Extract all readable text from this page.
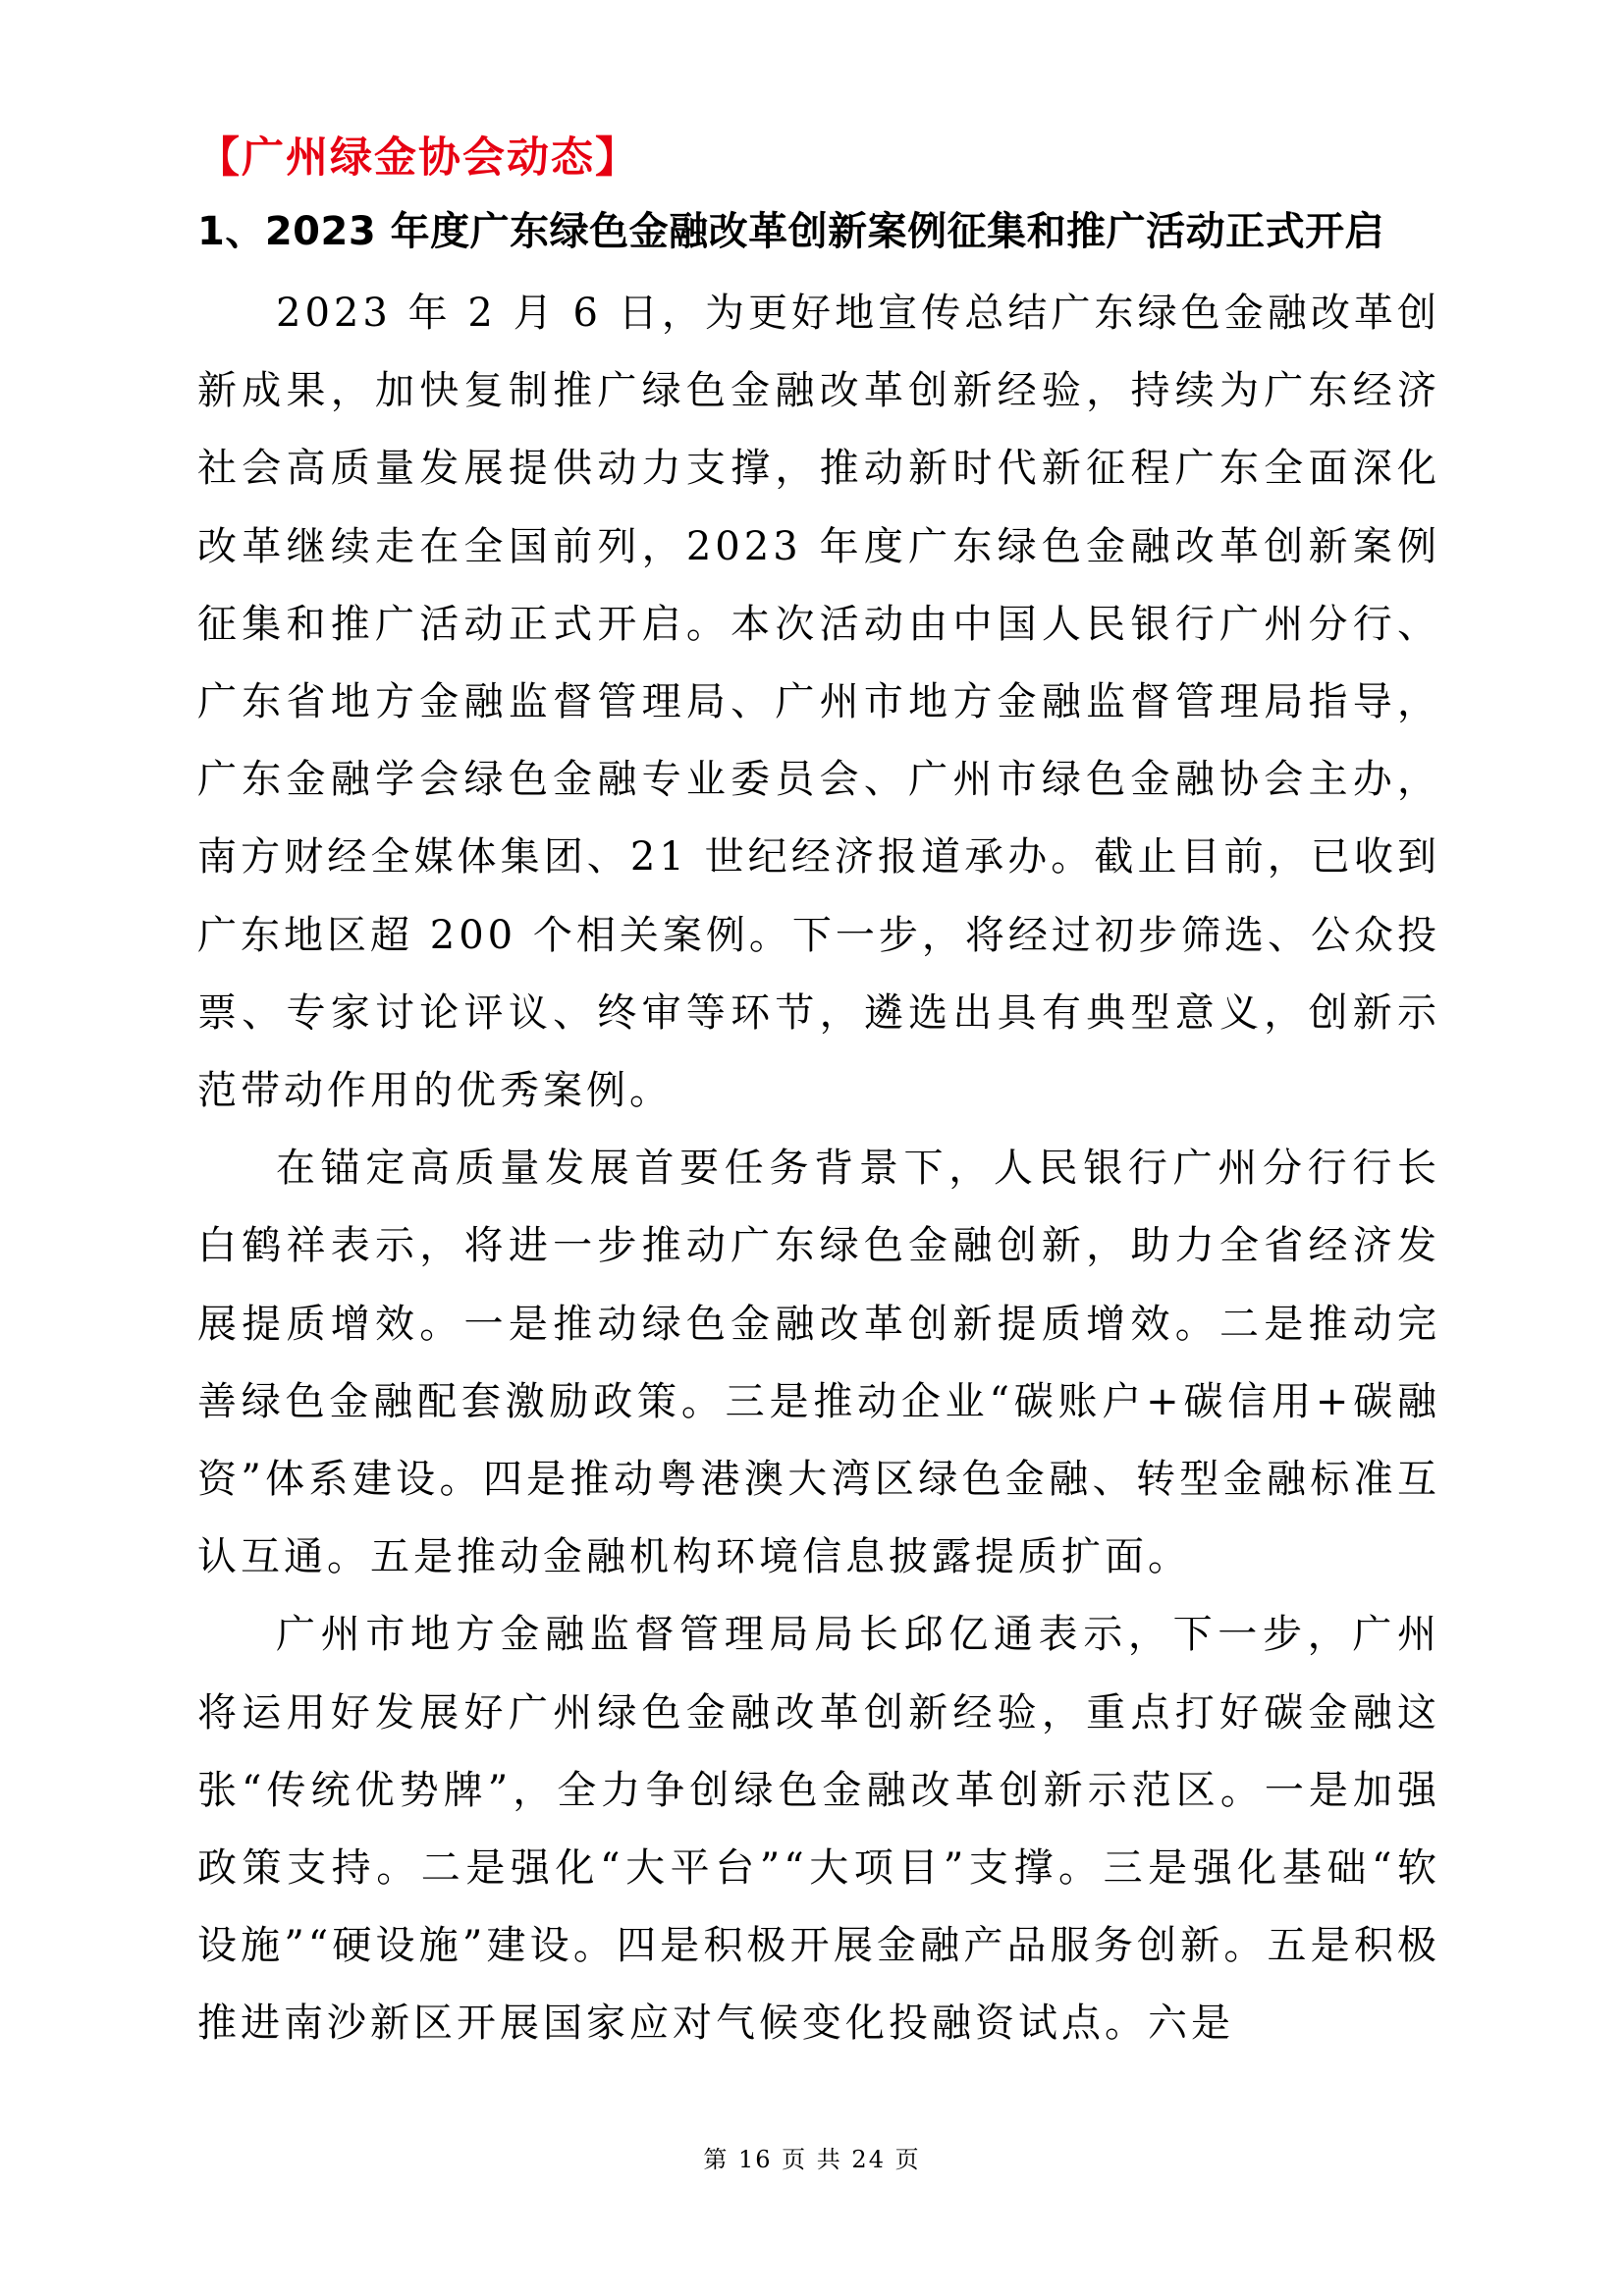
【广州绿金协会动态】
1、2023 年度广东绿色金融改革创新案例征集和推广活动正式开启

2023 年 2 月 6 日，为更好地宣传总结广东绿色金融改革创新成果，加快复制推广绿色金融改革创新经验，持续为广东经济社会高质量发展提供动力支撑，推动新时代新征程广东全面深化改革继续走在全国前列，2023 年度广东绿色金融改革创新案例征集和推广活动正式开启。本次活动由中国人民银行广州分行、广东省地方金融监督管理局、广州市地方金融监督管理局指导，广东金融学会绿色金融专业委员会、广州市绿色金融协会主办，南方财经全媒体集团、21 世纪经济报道承办。截止目前，已收到广东地区超 200 个相关案例。下一步，将经过初步筛选、公众投票、专家讨论评议、终审等环节，遴选出具有典型意义，创新示范带动作用的优秀案例。

在锚定高质量发展首要任务背景下，人民银行广州分行行长白鹤祥表示，将进一步推动广东绿色金融创新，助力全省经济发展提质增效。一是推动绿色金融改革创新提质增效。二是推动完善绿色金融配套激励政策。三是推动企业“碳账户+碳信用+碳融资”体系建设。四是推动粤港澳大湾区绿色金融、转型金融标准互认互通。五是推动金融机构环境信息披露提质扩面。

广州市地方金融监督管理局局长邱亿通表示，下一步，广州将运用好发展好广州绿色金融改革创新经验，重点打好碳金融这张“传统优势牌”，全力争创绿色金融改革创新示范区。一是加强政策支持。二是强化“大平台”“大项目”支撑。三是强化基础“软设施”“硬设施”建设。四是积极开展金融产品服务创新。五是积极推进南沙新区开展国家应对气候变化投融资试点。六是

第 16 页 共 24 页
